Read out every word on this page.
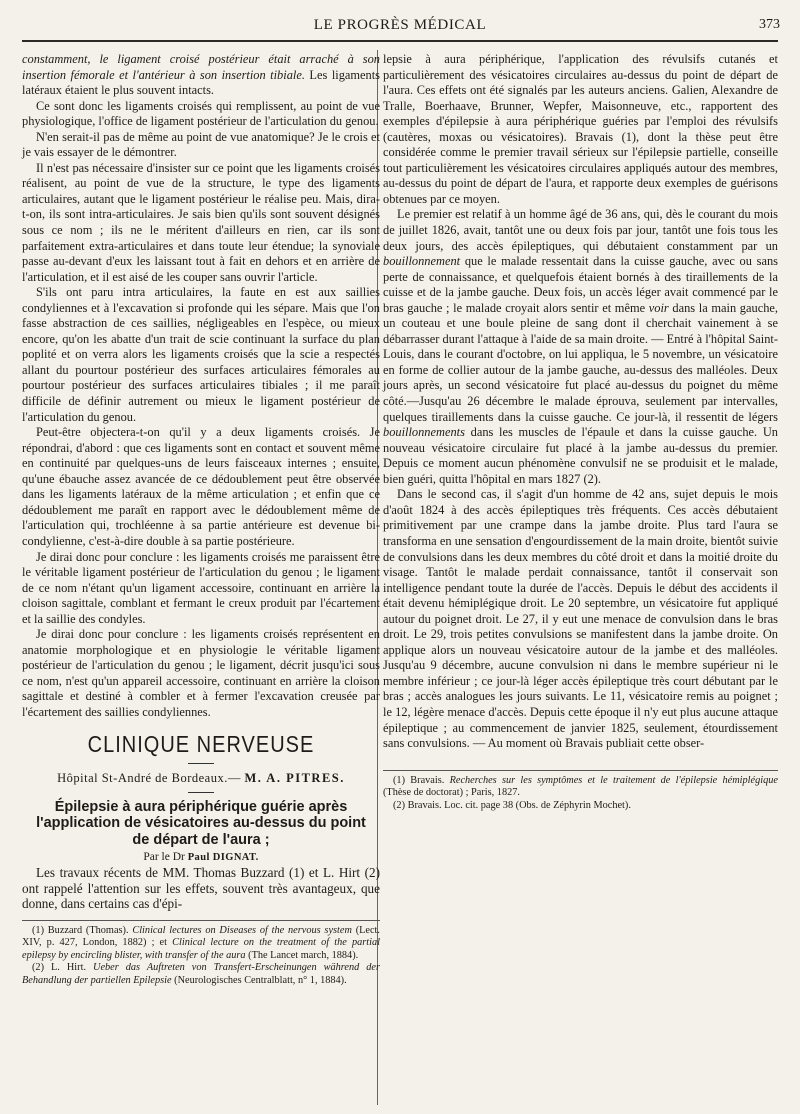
LE PROGRÈS MÉDICAL	373

constamment, le ligament croisé postérieur était arraché à son insertion fémorale et l'antérieur à son insertion tibiale. Les ligaments latéraux étaient le plus souvent intacts.

Ce sont donc les ligaments croisés qui remplissent, au point de vue physiologique, l'office de ligament postérieur de l'articulation du genou.

N'en serait-il pas de même au point de vue anatomique? Je le crois et je vais essayer de le démontrer.

Il n'est pas nécessaire d'insister sur ce point que les ligaments croisés réalisent, au point de vue de la structure, le type des ligaments articulaires, autant que le ligament postérieur le réalise peu. Mais, dira-t-on, ils sont intra-articulaires. Je sais bien qu'ils sont souvent désignés sous ce nom ; ils ne le méritent d'ailleurs en rien, car ils sont parfaitement extra-articulaires et dans toute leur étendue; la synoviale passe au-devant d'eux les laissant tout à fait en dehors et en arrière de l'articulation, et il est aisé de les couper sans ouvrir l'article.

S'ils ont paru intra articulaires, la faute en est aux saillies condyliennes et à l'excavation si profonde qui les sépare. Mais que l'on fasse abstraction de ces saillies, négligeables en l'espèce, ou mieux encore, qu'on les abatte d'un trait de scie continuant la surface du plan poplité et on verra alors les ligaments croisés que la scie a respectés allant du pourtour postérieur des surfaces articulaires fémorales au pourtour postérieur des surfaces articulaires tibiales ; il me paraît difficile de définir autrement ou mieux le ligament postérieur de l'articulation du genou.

Peut-être objectera-t-on qu'il y a deux ligaments croisés. Je répondrai, d'abord : que ces ligaments sont en contact et souvent même en continuité par quelques-uns de leurs faisceaux internes ; ensuite, qu'une ébauche assez avancée de ce dédoublement peut être observée dans les ligaments latéraux de la même articulation ; et enfin que ce dédoublement me paraît en rapport avec le dédoublement même de l'articulation qui, trochléenne à sa partie antérieure est devenue bi-condylienne, c'est-à-dire double à sa partie postérieure.

Je dirai donc pour conclure : les ligaments croisés me paraissent être le véritable ligament postérieur de l'articulation du genou ; le ligament de ce nom n'étant qu'un ligament accessoire, continuant en arrière la cloison sagittale, comblant et fermant le creux produit par l'écartement et la saillie des condyles.

Je dirai donc pour conclure : les ligaments croisés représentent en anatomie morphologique et en physiologie le véritable ligament postérieur de l'articulation du genou ; le ligament, décrit jusqu'ici sous ce nom, n'est qu'un appareil accessoire, continuant en arrière la cloison sagittale et destiné à combler et à fermer l'excavation creusée par l'écartement des saillies condyliennes.

CLINIQUE NERVEUSE
Hôpital St-André de Bordeaux.— M. A. PITRES.
Épilepsie à aura périphérique guérie après l'application de vésicatoires au-dessus du point de départ de l'aura ;
Par le Dr Paul DIGNAT.

Les travaux récents de MM. Thomas Buzzard (1) et L. Hirt (2) ont rappelé l'attention sur les effets, souvent très avantageux, que donne, dans certains cas d'épi-

(1) Buzzard (Thomas). Clinical lectures on Diseases of the nervous system (Lect. XIV, p. 427, London, 1882) ; et Clinical lecture on the treatment of the partial epilepsy by encircling blister, with transfer of the aura (The Lancet march, 1884).

(2) L. Hirt. Ueber das Auftreten von Transfert-Erscheinungen während der Behandlung der partiellen Epilepsie (Neurologisches Centralblatt, n° 1, 1884).

lepsie à aura périphérique, l'application des révulsifs cutanés et particulièrement des vésicatoires circulaires au-dessus du point de départ de l'aura. Ces effets ont été signalés par les auteurs anciens. Galien, Alexandre de Tralle, Boerhaave, Brunner, Wepfer, Maisonneuve, etc., rapportent des exemples d'épilepsie à aura périphérique guéries par l'emploi des révulsifs (cautères, moxas ou vésicatoires). Bravais (1), dont la thèse peut être considérée comme le premier travail sérieux sur l'épilepsie partielle, conseille tout particulièrement les vésicatoires circulaires appliqués autour des membres, au-dessus du point de départ de l'aura, et rapporte deux exemples de guérisons obtenues par ce moyen.

Le premier est relatif à un homme âgé de 36 ans, qui, dès le courant du mois de juillet 1826, avait, tantôt une ou deux fois par jour, tantôt une fois tous les deux jours, des accès épileptiques, qui débutaient constamment par un bouillonnement que le malade ressentait dans la cuisse gauche, avec ou sans perte de connaissance, et quelquefois étaient bornés à des tiraillements de la cuisse et de la jambe gauche. Deux fois, un accès léger avait commencé par le bras gauche ; le malade croyait alors sentir et même voir dans la main gauche, un couteau et une boule pleine de sang dont il cherchait vainement à se débarrasser durant l'attaque à l'aide de sa main droite. — Entré à l'hôpital Saint-Louis, dans le courant d'octobre, on lui appliqua, le 5 novembre, un vésicatoire en forme de collier autour de la jambe gauche, au-dessus des malléoles. Deux jours après, un second vésicatoire fut placé au-dessus du poignet du même côté.—Jusqu'au 26 décembre le malade éprouva, seulement par intervalles, quelques tiraillements dans la cuisse gauche. Ce jour-là, il ressentit de légers bouillonnements dans les muscles de l'épaule et dans la cuisse gauche. Un nouveau vésicatoire circulaire fut placé à la jambe au-dessus du premier. Depuis ce moment aucun phénomène convulsif ne se produisit et le malade, bien guéri, quitta l'hôpital en mars 1827 (2).

Dans le second cas, il s'agit d'un homme de 42 ans, sujet depuis le mois d'août 1824 à des accès épileptiques très fréquents. Ces accès débutaient primitivement par une crampe dans la jambe droite. Plus tard l'aura se transforma en une sensation d'engourdissement de la main droite, bientôt suivie de convulsions dans les deux membres du côté droit et dans la moitié droite du visage. Tantôt le malade perdait connaissance, tantôt il conservait son intelligence pendant toute la durée de l'accès. Depuis le début des accidents il était devenu hémiplégique droit. Le 20 septembre, un vésicatoire fut appliqué autour du poignet droit. Le 27, il y eut une menace de convulsion dans le bras droit. Le 29, trois petites convulsions se manifestent dans la jambe droite. On applique alors un nouveau vésicatoire autour de la jambe et des malléoles. Jusqu'au 9 décembre, aucune convulsion ni dans le membre supérieur ni le membre inférieur ; ce jour-là léger accès épileptique très court débutant par le bras ; accès analogues les jours suivants. Le 11, vésicatoire remis au poignet ; le 12, légère menace d'accès. Depuis cette époque il n'y eut plus aucune attaque épileptique ; au commencement de janvier 1825, seulement, étourdissement sans convulsions. — Au moment où Bravais publiait cette obser-

(1) Bravais. Recherches sur les symptômes et le traitement de l'épilepsie hémiplégique (Thèse de doctorat) ; Paris, 1827.

(2) Bravais. Loc. cit. page 38 (Obs. de Zéphyrin Mochet).
